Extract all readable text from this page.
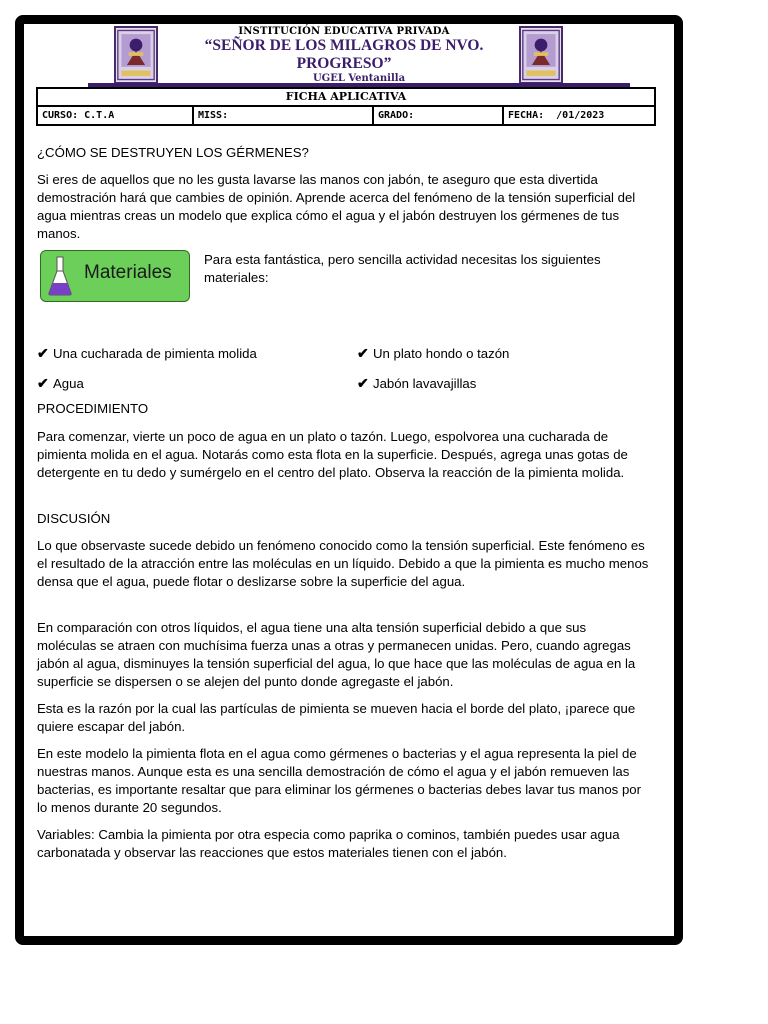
INSTITUCIÓN EDUCATIVA PRIVADA
“SEÑOR DE LOS MILAGROS DE NVO. PROGRESO”
UGEL Ventanilla
FICHA APLICATIVA
CURSO: C.T.A	MISS:	GRADO:	FECHA:  /01/2023

¿CÓMO SE DESTRUYEN LOS GÉRMENES?

Si eres de aquellos que no les gusta lavarse las manos con jabón, te aseguro que esta divertida demostración hará que cambies de opinión. Aprende acerca del fenómeno de la tensión superficial del agua mientras creas un modelo que explica cómo el agua y el jabón destruyen los gérmenes de tus manos.

Materiales

Para esta fantástica, pero sencilla actividad necesitas los siguientes materiales:

✔ Una cucharada de pimienta molida	✔ Un plato hondo o tazón
✔ Agua	✔ Jabón lavavajillas

PROCEDIMIENTO

Para comenzar, vierte un poco de agua en un plato o tazón. Luego, espolvorea una cucharada de pimienta molida en el agua. Notarás como esta flota en la superficie. Después, agrega unas gotas de detergente en tu dedo y sumérgelo en el centro del plato. Observa la reacción de la pimienta molida.

DISCUSIÓN

Lo que observaste sucede debido un fenómeno conocido como la tensión superficial. Este fenómeno es el resultado de la atracción entre las moléculas en un líquido. Debido a que la pimienta es mucho menos densa que el agua, puede flotar o deslizarse sobre la superficie del agua.

En comparación con otros líquidos, el agua tiene una alta tensión superficial debido a que sus moléculas se atraen con muchísima fuerza unas a otras y permanecen unidas. Pero, cuando agregas jabón al agua, disminuyes la tensión superficial del agua, lo que hace que las moléculas de agua en la superficie se dispersen o se alejen del punto donde agregaste el jabón.

Esta es la razón por la cual las partículas de pimienta se mueven hacia el borde del plato, ¡parece que quiere escapar del jabón.

En este modelo la pimienta flota en el agua como gérmenes o bacterias y el agua representa la piel de nuestras manos. Aunque esta es una sencilla demostración de cómo el agua y el jabón remueven las bacterias, es importante resaltar que para eliminar los gérmenes o bacterias debes lavar tus manos por lo menos durante 20 segundos.

Variables: Cambia la pimienta por otra especia como paprika o cominos, también puedes usar agua carbonatada y observar las reacciones que estos materiales tienen con el jabón.
